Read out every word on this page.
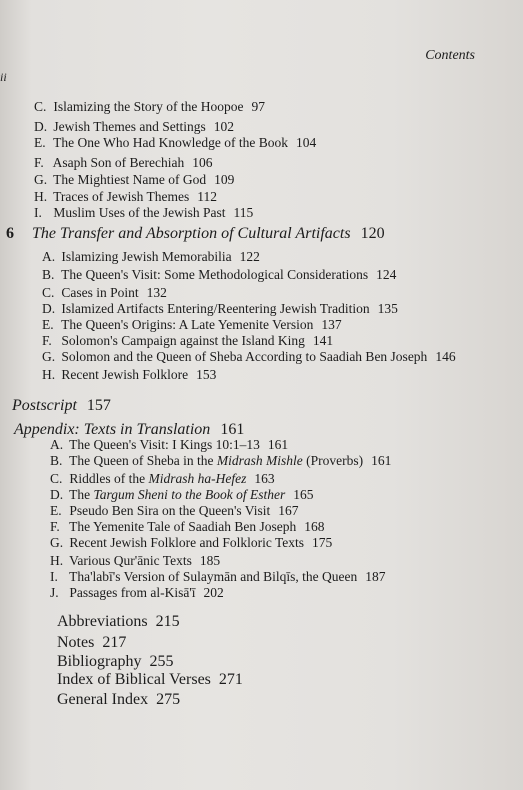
Contents
ii
C. Islamizing the Story of the Hoopoe 97
D. Jewish Themes and Settings 102
E. The One Who Had Knowledge of the Book 104
F. Asaph Son of Berechiah 106
G. The Mightiest Name of God 109
H. Traces of Jewish Themes 112
I. Muslim Uses of the Jewish Past 115
6 The Transfer and Absorption of Cultural Artifacts 120
A. Islamizing Jewish Memorabilia 122
B. The Queen's Visit: Some Methodological Considerations 124
C. Cases in Point 132
D. Islamized Artifacts Entering/Reentering Jewish Tradition 135
E. The Queen's Origins: A Late Yemenite Version 137
F. Solomon's Campaign against the Island King 141
G. Solomon and the Queen of Sheba According to Saadiah Ben Joseph 146
H. Recent Jewish Folklore 153
Postscript 157
Appendix: Texts in Translation 161
A. The Queen's Visit: I Kings 10:1–13 161
B. The Queen of Sheba in the Midrash Mishle (Proverbs) 161
C. Riddles of the Midrash ha-Hefez 163
D. The Targum Sheni to the Book of Esther 165
E. Pseudo Ben Sira on the Queen's Visit 167
F. The Yemenite Tale of Saadiah Ben Joseph 168
G. Recent Jewish Folklore and Folkloric Texts 175
H. Various Qur'ānic Texts 185
I. Tha'labī's Version of Sulaymān and Bilqīs, the Queen 187
J. Passages from al-Kisā'ī 202
Abbreviations 215
Notes 217
Bibliography 255
Index of Biblical Verses 271
General Index 275
